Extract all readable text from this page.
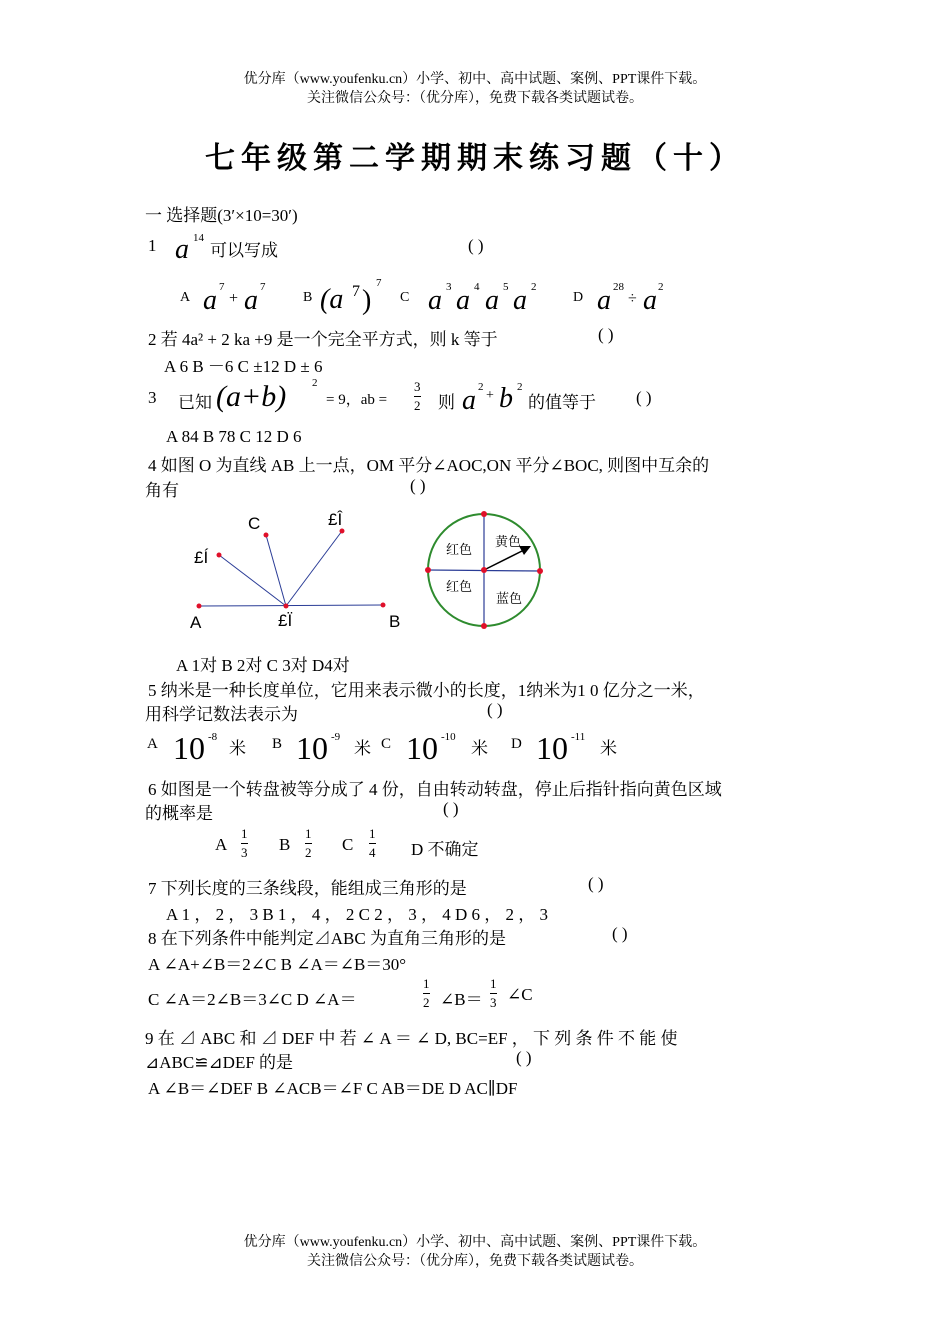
优分库（www.youfenku.cn）小学、初中、高中试题、案例、PPT课件下载。
关注微信公众号：（优分库），免费下载各类试题试卷。
七年级第二学期期末练习题（十）
一 选择题(3′×10=30′)
1 a 14
可以写成	( )
A a 7
+ a 7
B (a 7 )
7
C a 3 a 4 a 5 a 2
D a 28
÷ a 2
2 若 4a² + 2 ka +9 是一个完全平方式，则 k 等于	( )
A 6 B －6 C ±12 D ± 6
3 已知 (a+b) 2
= 9，ab = $\frac{3}{2}$ 则 a 2
+ b 2
的值等于 ( )
A 84 B 78 C 12 D 6
4 如图 O 为直线 AB 上一点，OM 平分∠AOC,ON 平分∠BOC, 则图中互余的
角有	( )
C	£Î
£Í
A	£Ï	B
红色
黄色
红色
蓝色
A 1对 B 2对 C 3对 D4对
5 纳米是一种长度单位，它用来表示微小的长度，1纳米为1 0 亿分之一米，
用科学记数法表示为	( )
A 10 -8
米 B 10 -9
米 C 10 -10
米 D 10 -11
米
6 如图是一个转盘被等分成了 4 份，自由转动转盘，停止后指针指向黄色区域
的概率是	( )
A $\frac{1}{3}$ B $\frac{1}{2}$ C $\frac{1}{4}$ D 不确定
7 下列长度的三条线段，能组成三角形的是	( )
A 1 ， 2 ， 3 B 1 ， 4 ， 2 C 2 ， 3 ， 4 D 6 ， 2 ， 3
8 在下列条件中能判定⊿ABC 为直角三角形的是	( )
A ∠A+∠B＝2∠C B ∠A＝∠B＝30°
C ∠A＝2∠B＝3∠C D ∠A＝	$\frac{1}{2}$ ∠B＝ $\frac{1}{3}$ ∠C
9 在 ⊿ ABC 和 ⊿ DEF 中 若 ∠ A ＝ ∠ D, BC=EF ， 下 列 条 件 不 能 使
⊿ABC≌⊿DEF 的是	( )
A ∠B＝∠DEF B ∠ACB＝∠F C AB＝DE D AC∥DF
优分库（www.youfenku.cn）小学、初中、高中试题、案例、PPT课件下载。
关注微信公众号：（优分库），免费下载各类试题试卷。
